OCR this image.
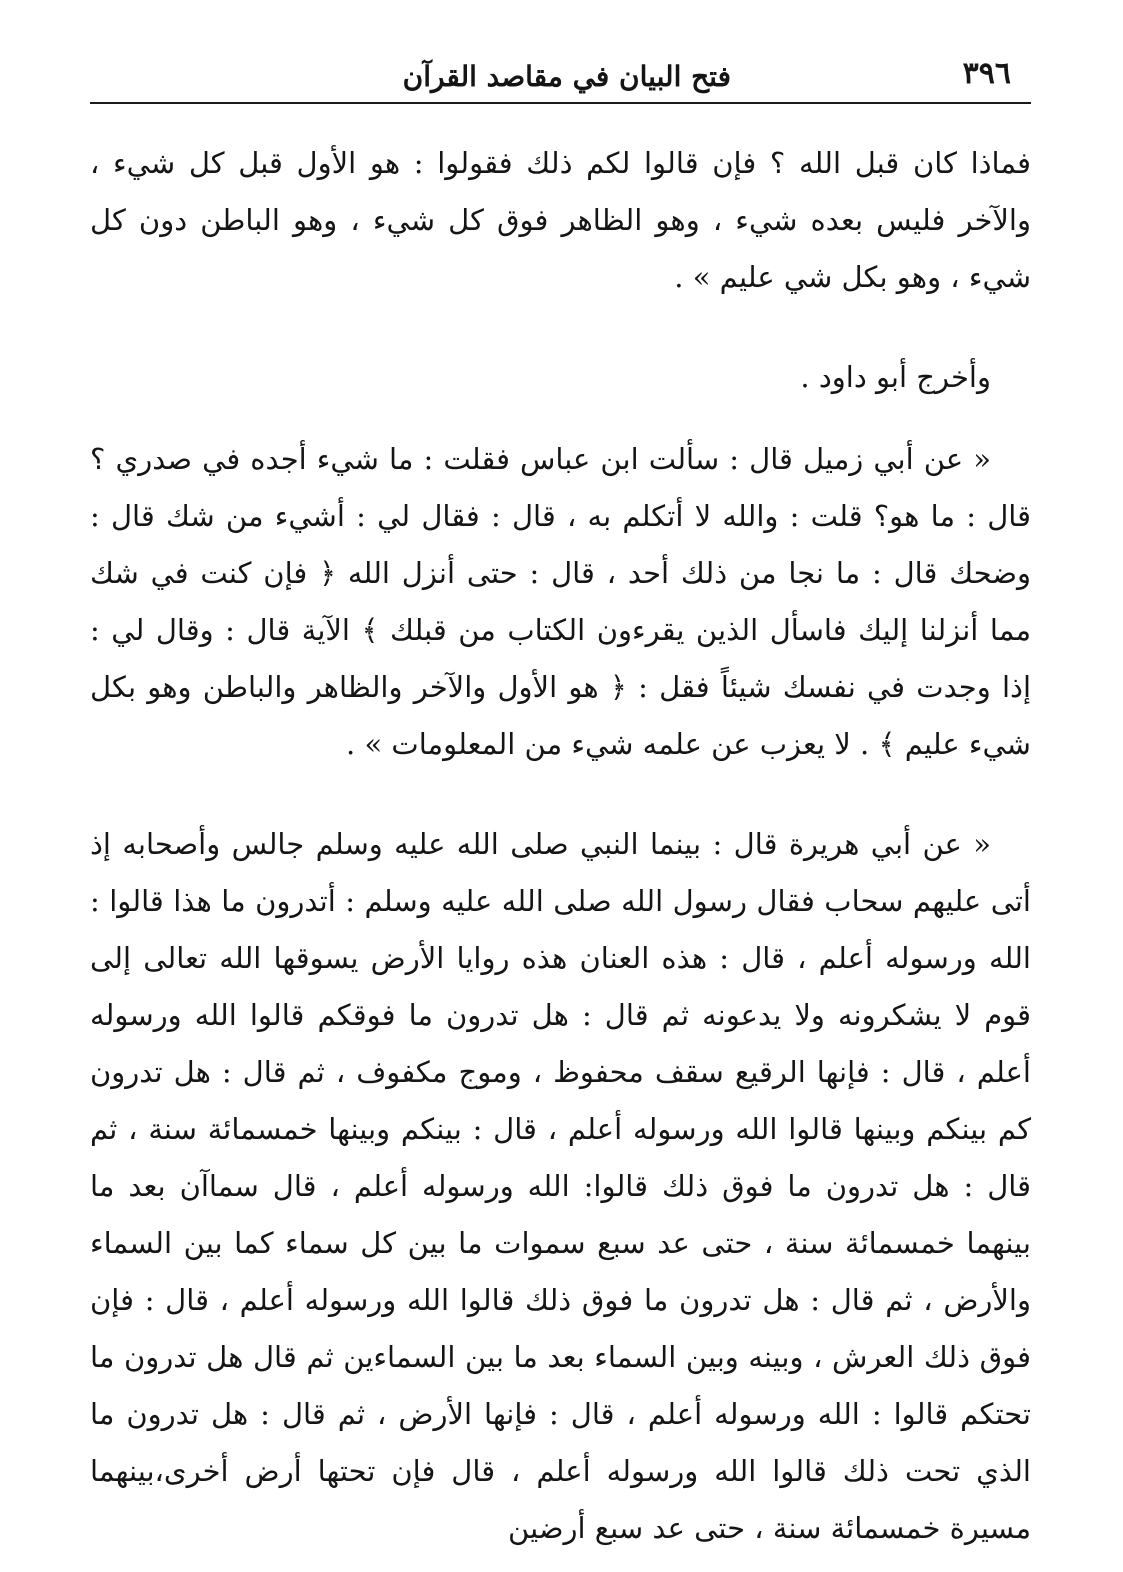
٣٩٦
فتح البيان في مقاصد القرآن

فماذا كان قبل الله ؟ فإن قالوا لكم ذلك فقولوا : هو الأول قبل كل شيء ، والآخر فليس بعده شيء ، وهو الظاهر فوق كل شيء ، وهو الباطن دون كل شيء ، وهو بكل شي عليم » .

وأخرج أبو داود .

« عن أبي زميل قال : سألت ابن عباس فقلت : ما شيء أجده في صدري ؟ قال : ما هو؟ قلت : والله لا أتكلم به ، قال : فقال لي : أشيء من شك قال : وضحك قال : ما نجا من ذلك أحد ، قال : حتى أنزل الله ﴿ فإن كنت في شك مما أنزلنا إليك فاسأل الذين يقرءون الكتاب من قبلك ﴾ الآية قال : وقال لي : إذا وجدت في نفسك شيئاً فقل : ﴿ هو الأول والآخر والظاهر والباطن وهو بكل شيء عليم ﴾ . لا يعزب عن علمه شيء من المعلومات » .

« عن أبي هريرة قال : بينما النبي صلى الله عليه وسلم جالس وأصحابه إذ أتى عليهم سحاب فقال رسول الله صلى الله عليه وسلم : أتدرون ما هذا قالوا : الله ورسوله أعلم ، قال : هذه العنان هذه روايا الأرض يسوقها الله تعالى إلى قوم لا يشكرونه ولا يدعونه ثم قال : هل تدرون ما فوقكم قالوا الله ورسوله أعلم ، قال : فإنها الرقيع سقف محفوظ ، وموج مكفوف ، ثم قال : هل تدرون كم بينكم وبينها قالوا الله ورسوله أعلم ، قال : بينكم وبينها خمسمائة سنة ، ثم قال : هل تدرون ما فوق ذلك قالوا: الله ورسوله أعلم ، قال سماآن بعد ما بينهما خمسمائة سنة ، حتى عد سبع سموات ما بين كل سماء كما بين السماء والأرض ، ثم قال : هل تدرون ما فوق ذلك قالوا الله ورسوله أعلم ، قال : فإن فوق ذلك العرش ، وبينه وبين السماء بعد ما بين السماءين ثم قال هل تدرون ما تحتكم قالوا : الله ورسوله أعلم ، قال : فإنها الأرض ، ثم قال : هل تدرون ما الذي تحت ذلك قالوا الله ورسوله أعلم ، قال فإن تحتها أرض أخرى،بينهما مسيرة خمسمائة سنة ، حتى عد سبع أرضين
